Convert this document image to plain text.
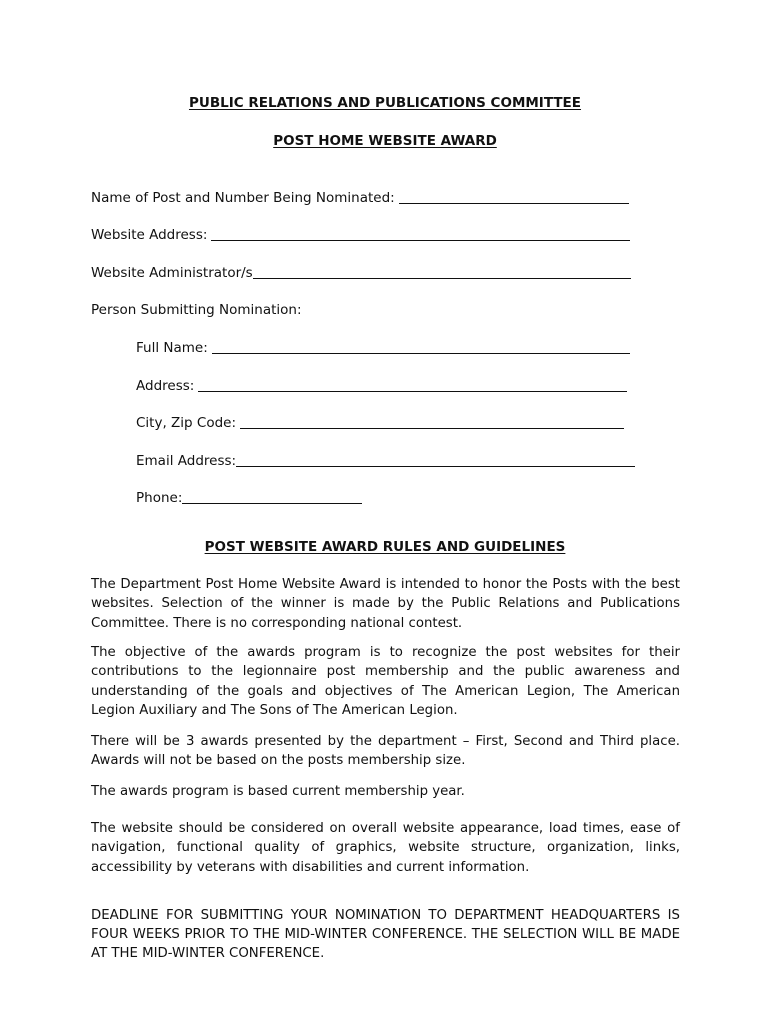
PUBLIC RELATIONS AND PUBLICATIONS COMMITTEE
POST HOME WEBSITE AWARD
Name of Post and Number Being Nominated:
Website Address:
Website Administrator/s
Person Submitting Nomination:
Full Name:
Address:
City, Zip Code:
Email Address:
Phone:
POST WEBSITE AWARD RULES AND GUIDELINES
The Department Post Home Website Award is intended to honor the Posts with the best websites. Selection of the winner is made by the Public Relations and Publications Committee. There is no corresponding national contest.
The objective of the awards program is to recognize the post websites for their contributions to the legionnaire post membership and the public awareness and understanding of the goals and objectives of The American Legion, The American Legion Auxiliary and The Sons of The American Legion.
There will be 3 awards presented by the department – First, Second and Third place. Awards will not be based on the posts membership size.
The awards program is based current membership year.
The website should be considered on overall website appearance, load times, ease of navigation, functional quality of graphics, website structure, organization, links, accessibility by veterans with disabilities and current information.
DEADLINE FOR SUBMITTING YOUR NOMINATION TO DEPARTMENT HEADQUARTERS IS FOUR WEEKS PRIOR TO THE MID-WINTER CONFERENCE. THE SELECTION WILL BE MADE AT THE MID-WINTER CONFERENCE.
